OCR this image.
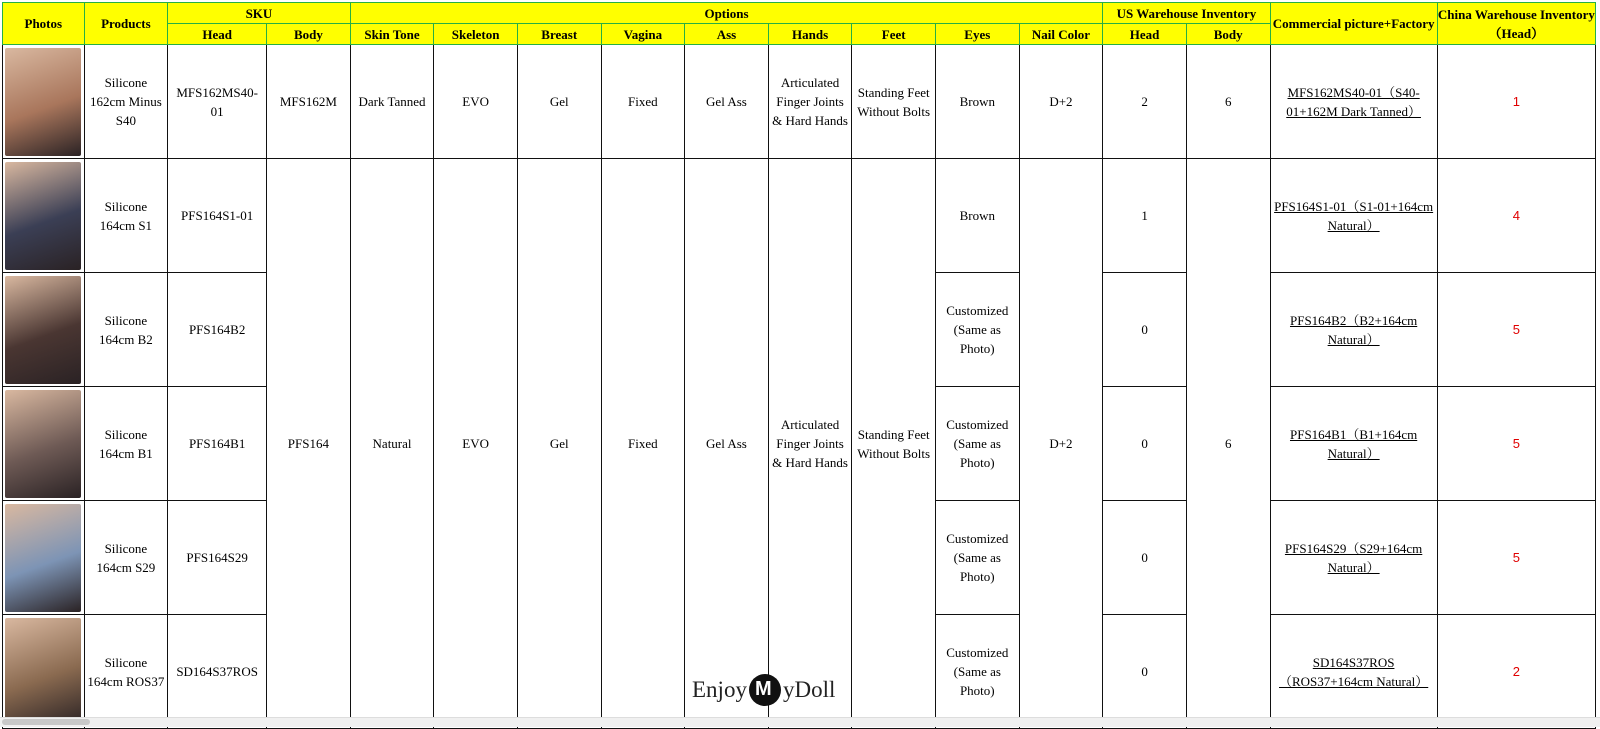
Photos	Products	SKU		Options									US Warehouse Inventory		Commercial picture+Factory	China Warehouse Inventory（Head）
		Head	Body	Skin Tone	Skeleton	Breast	Vagina	Ass	Hands	Feet	Eyes	Nail Color	Head	Body		

	Silicone 162cm Minus S40	MFS162MS40-01	MFS162M	Dark Tanned	EVO	Gel	Fixed	Gel Ass	Articulated Finger Joints & Hard Hands	Standing Feet Without Bolts	Brown	D+2	2	6	MFS162MS40-01（S40-01+162M Dark Tanned）	1

	Silicone 164cm S1	PFS164S1-01	PFS164	Natural	EVO	Gel	Fixed	Gel Ass	Articulated Finger Joints & Hard Hands	Standing Feet Without Bolts	Brown	D+2	1	6	PFS164S1-01（S1-01+164cm Natural）	4

	Silicone 164cm B2	PFS164B2									Customized (Same as Photo)		0		PFS164B2（B2+164cm Natural）	5

	Silicone 164cm B1	PFS164B1									Customized (Same as Photo)		0		PFS164B1（B1+164cm Natural）	5

	Silicone 164cm S29	PFS164S29									Customized (Same as Photo)		0		PFS164S29（S29+164cm Natural）	5

	Silicone 164cm ROS37	SD164S37ROS									Customized (Same as Photo)		0		SD164S37ROS（ROS37+164cm Natural）	2
Enjoy M yDoll
